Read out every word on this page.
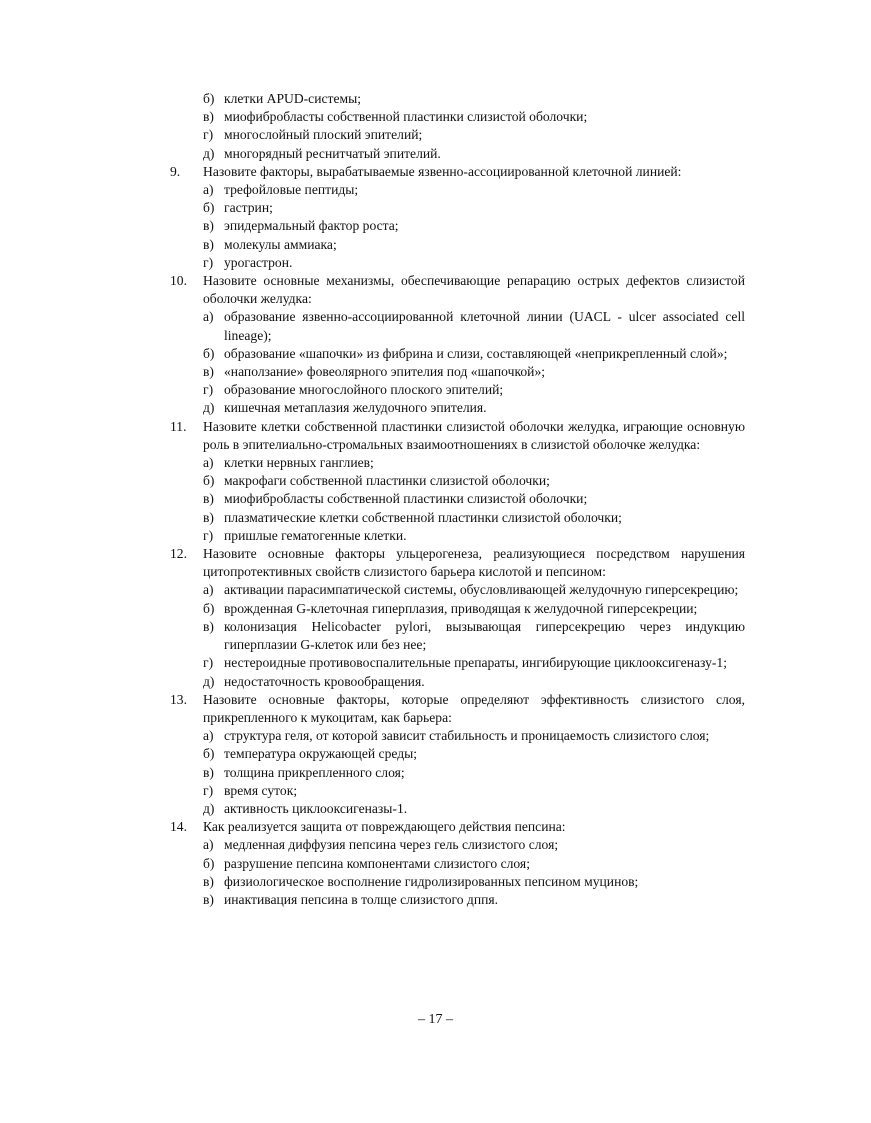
б) клетки APUD-системы;
в) миофибробласты собственной пластинки слизистой оболочки;
г) многослойный плоский эпителий;
д) многорядный реснитчатый эпителий.
9.	Назовите факторы, вырабатываемые язвенно-ассоциированной клеточной линией:
а) трефойловые пептиды;
б) гастрин;
в) эпидермальный фактор роста;
в) молекулы аммиака;
г) урогастрон.
10.	Назовите основные механизмы, обеспечивающие репарацию острых дефектов слизистой оболочки желудка:
а) образование язвенно-ассоциированной клеточной линии (UACL - ulcer associated cell lineage);
б) образование «шапочки» из фибрина и слизи, составляющей «неприкрепленный слой»;
в) «наползание» фовеолярного эпителия под «шапочкой»;
г) образование многослойного плоского эпителий;
д) кишечная метаплазия желудочного эпителия.
11.	Назовите клетки собственной пластинки слизистой оболочки желудка, играющие основную роль в эпителиально-стромальных взаимоотношениях в слизистой оболочке желудка:
а) клетки нервных ганглиев;
б) макрофаги собственной пластинки слизистой оболочки;
в) миофибробласты собственной пластинки слизистой оболочки;
в) плазматические клетки собственной пластинки слизистой оболочки;
г) пришлые гематогенные клетки.
12.	Назовите основные факторы ульцерогенеза, реализующиеся посредством нарушения цитопротективных свойств слизистого барьера кислотой и пепсином:
а) активации парасимпатической системы, обусловливающей желудочную гиперсекрецию;
б) врожденная G-клеточная гиперплазия, приводящая к желудочной гиперсекреции;
в) колонизация Helicobacter pylori, вызывающая гиперсекрецию через индукцию гиперплазии G-клеток или без нее;
г) нестероидные противовоспалительные препараты, ингибирующие циклооксигеназу-1;
д) недостаточность кровообращения.
13.	Назовите основные факторы, которые определяют эффективность слизистого слоя, прикрепленного к мукоцитам, как барьера:
а) структура геля, от которой зависит стабильность и проницаемость слизистого слоя;
б) температура окружающей среды;
в) толщина прикрепленного слоя;
г) время суток;
д) активность циклооксигеназы-1.
14.	Как реализуется защита от повреждающего действия пепсина:
а) медленная диффузия пепсина через гель слизистого слоя;
б) разрушение пепсина компонентами слизистого слоя;
в) физиологическое восполнение гидролизированных пепсином муцинов;
в) инактивация пепсина в толще слизистого дппя.
– 17 –
